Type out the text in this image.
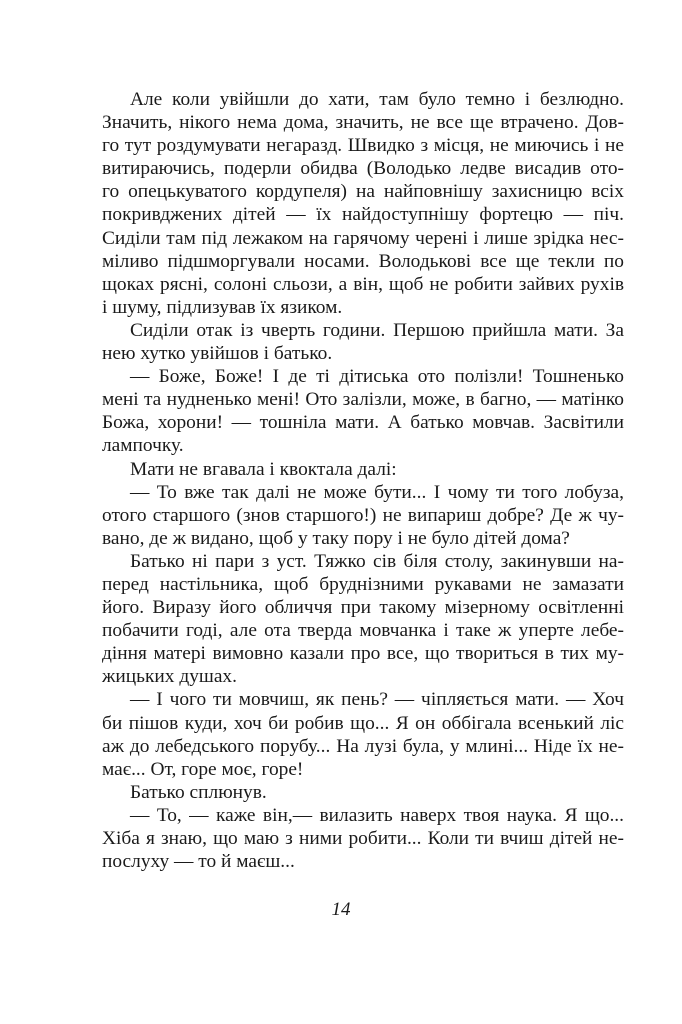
Але коли увійшли до хати, там було темно і безлюдно.
Значить, нікого нема дома, значить, не все ще втрачено. Дов-
го тут роздумувати негаразд. Швидко з місця, не миючись і не
витираючись, подерли обидва (Володько ледве висадив ото-
го опецькуватого кордупеля) на найповнішу захисницю всіх
покривджених дітей — їх найдоступнішу фортецю — піч.
Сиділи там під лежаком на гарячому черені і лише зрідка нес-
міливо підшморгували носами. Володькові все ще текли по
щоках рясні, солоні сльози, а він, щоб не робити зайвих рухів
і шуму, підлизував їх язиком.
Сиділи отак із чверть години. Першою прийшла мати. За
нею хутко увійшов і батько.
— Боже, Боже! І де ті дітиська ото полізли! Тошненько
мені та нудненько мені! Ото залізли, може, в багно, — матінко
Божа, хорони! — тошніла мати. А батько мовчав. Засвітили
лампочку.
Мати не вгавала і квоктала далі:
— То вже так далі не може бути... І чому ти того лобуза,
отого старшого (знов старшого!) не випариш добре? Де ж чу-
вано, де ж видано, щоб у таку пору і не було дітей дома?
Батько ні пари з уст. Тяжко сів біля столу, закинувши на-
перед настільника, щоб бруднізними рукавами не замазати
його. Виразу його обличчя при такому мізерному освітленні
побачити годі, але ота тверда мовчанка і таке ж уперте лебе-
діння матері вимовно казали про все, що твориться в тих му-
жицьких душах.
— І чого ти мовчиш, як пень? — чіпляється мати. — Хоч
би пішов куди, хоч би робив що... Я он оббігала всенький ліс
аж до лебедського порубу... На лузі була, у млині... Ніде їх не-
має... От, горе моє, горе!
Батько сплюнув.
— То, — каже він,— вилазить наверх твоя наука. Я що...
Хіба я знаю, що маю з ними робити... Коли ти вчиш дітей не-
послуху — то й маєш...
14
